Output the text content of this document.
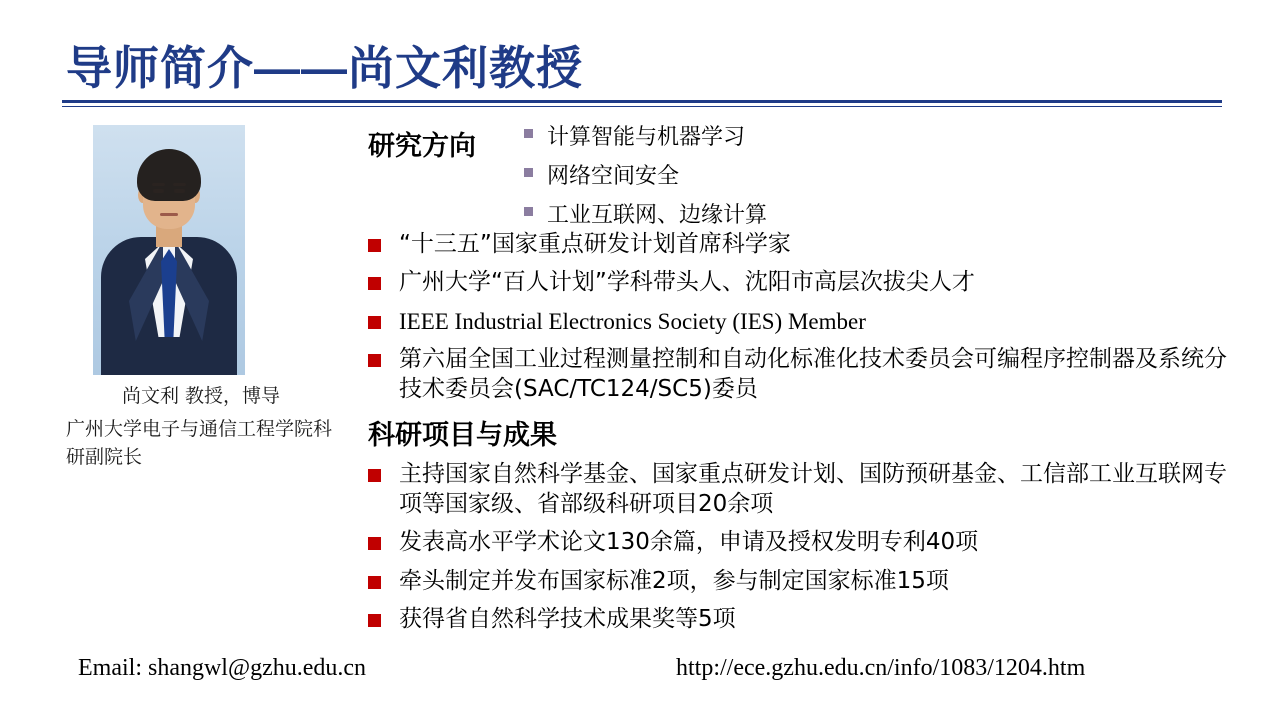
导师简介——尚文利教授
尚文利 教授，博导
广州大学电子与通信工程学院科研副院长
研究方向	计算智能与机器学习
网络空间安全
工业互联网、边缘计算
“十三五”国家重点研发计划首席科学家
广州大学“百人计划”学科带头人、沈阳市高层次拔尖人才
IEEE Industrial Electronics Society (IES) Member
第六届全国工业过程测量控制和自动化标准化技术委员会可编程序控制器及系统分技术委员会(SAC/TC124/SC5)委员
科研项目与成果
主持国家自然科学基金、国家重点研发计划、国防预研基金、工信部工业互联网专项等国家级、省部级科研项目20余项
发表高水平学术论文130余篇，申请及授权发明专利40项
牵头制定并发布国家标准2项，参与制定国家标准15项
获得省自然科学技术成果奖等5项
Email: shangwl@gzhu.edu.cn	http://ece.gzhu.edu.cn/info/1083/1204.htm
